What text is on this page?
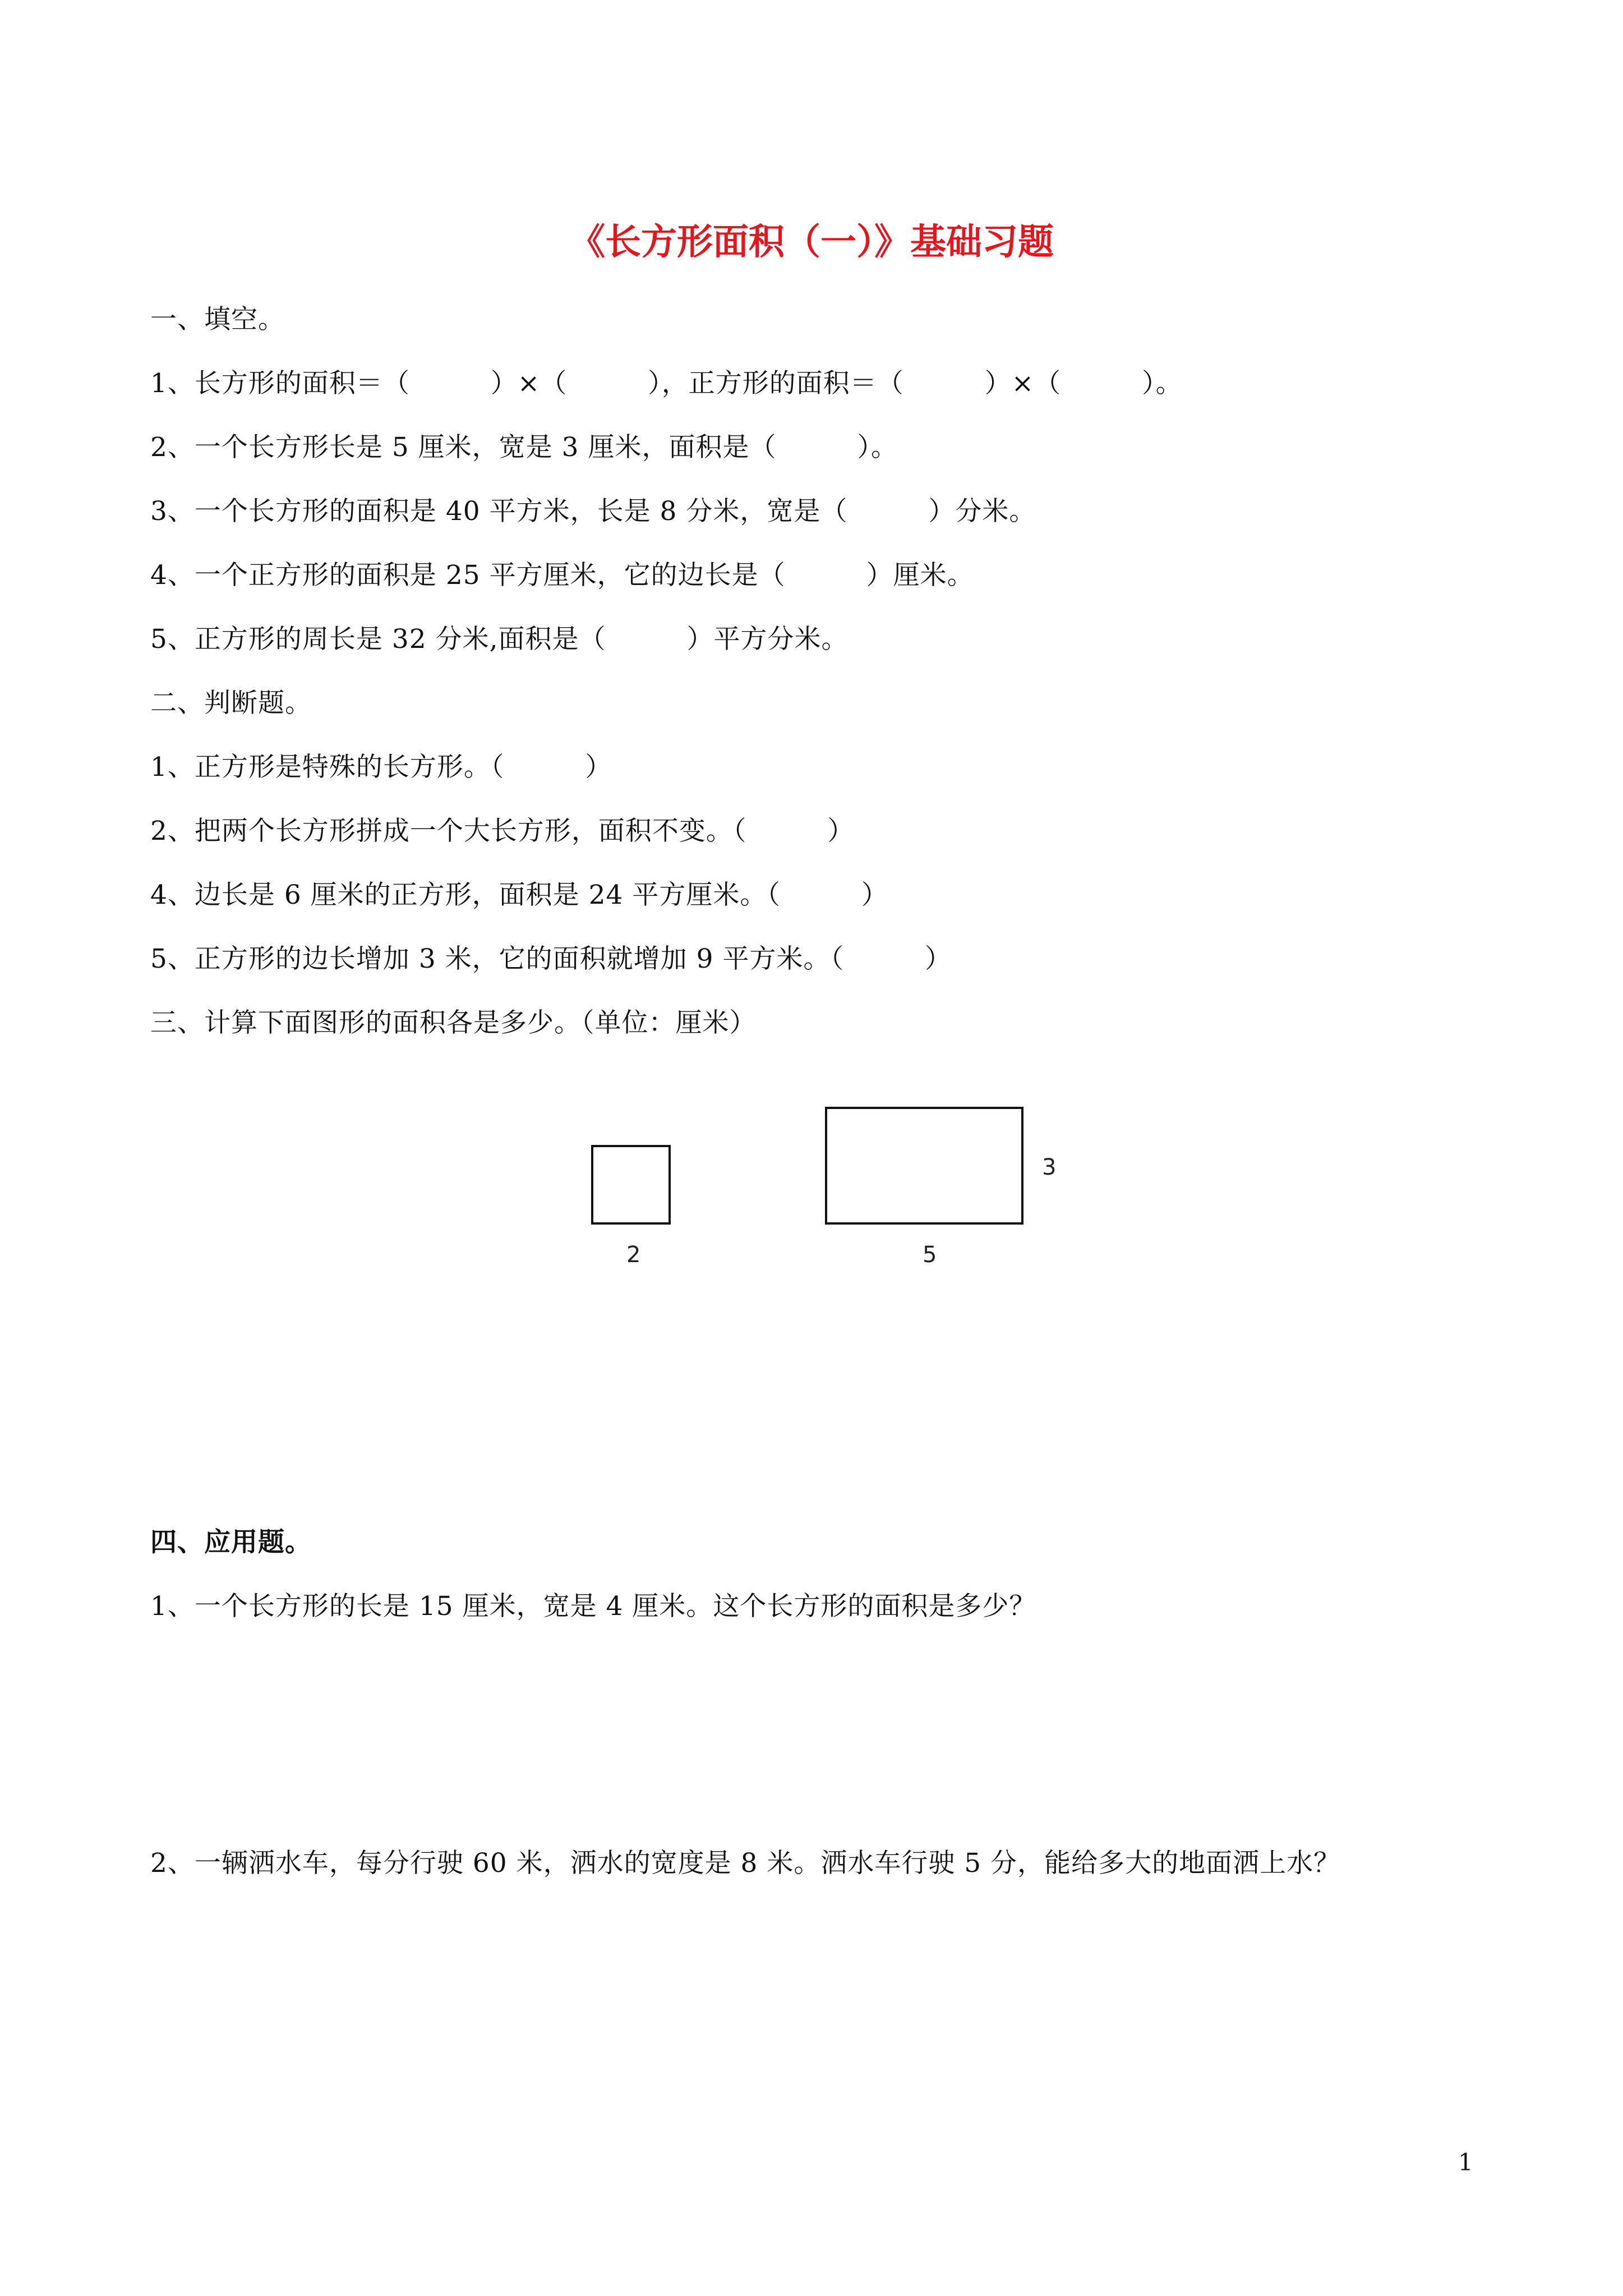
《长方形面积（一）》基础习题
一、填空。
1、长方形的面积＝（　　　）×（　　　），正方形的面积＝（　　　）×（　　　）。
2、一个长方形长是 5 厘米，宽是 3 厘米，面积是（　　　）。
3、一个长方形的面积是 40 平方米，长是 8 分米，宽是（　　　）分米。
4、一个正方形的面积是 25 平方厘米，它的边长是（　　　）厘米。
5、正方形的周长是 32 分米,面积是（　　　）平方分米。
二、判断题。
1、正方形是特殊的长方形。（　　　）
2、把两个长方形拼成一个大长方形，面积不变。（　　　）
4、边长是 6 厘米的正方形，面积是 24 平方厘米。（　　　）
5、正方形的边长增加 3 米，它的面积就增加 9 平方米。（　　　）
三、计算下面图形的面积各是多少。（单位：厘米）
2
3
5
四、应用题。
1、一个长方形的长是 15 厘米，宽是 4 厘米。这个长方形的面积是多少？
2、一辆洒水车，每分行驶 60 米，洒水的宽度是 8 米。洒水车行驶 5 分，能给多大的地面洒上水？
1
